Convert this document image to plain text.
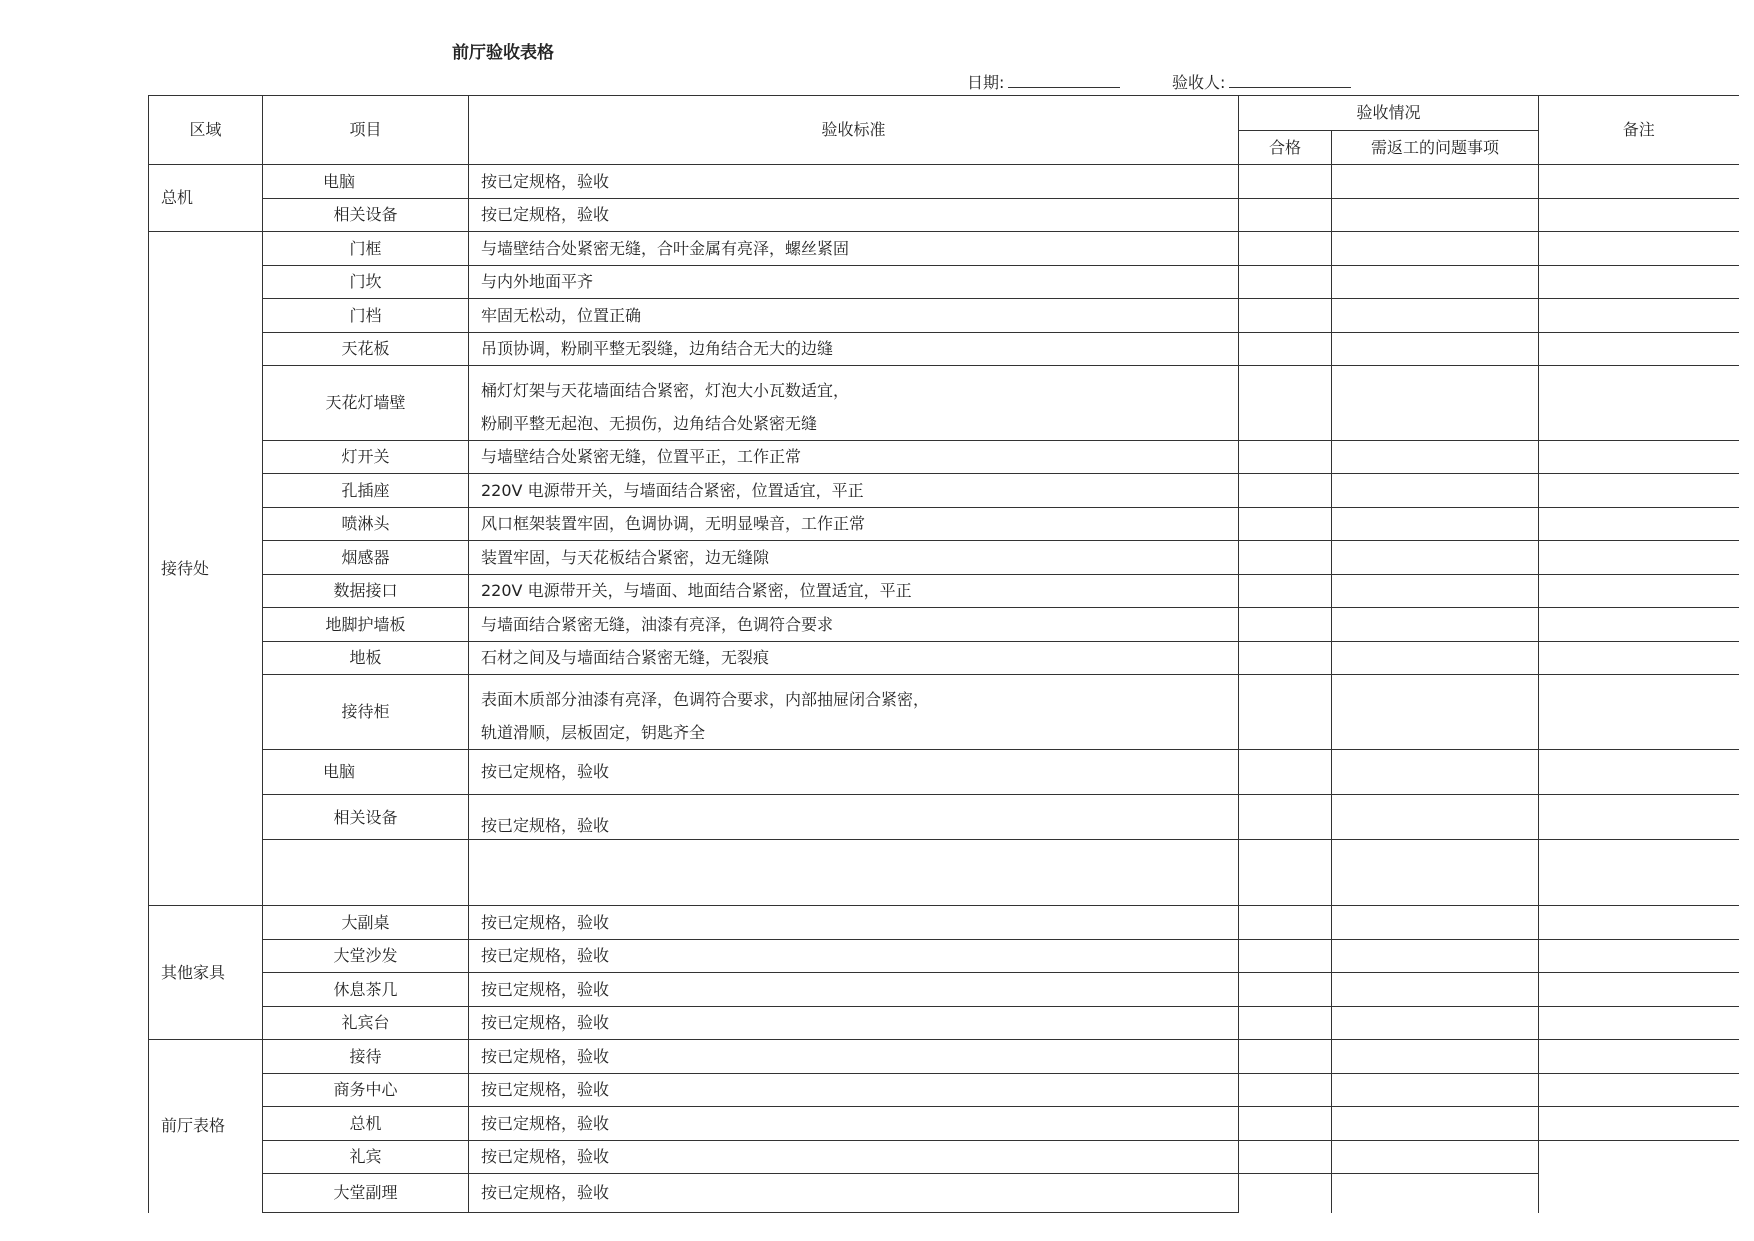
前厅验收表格
日期:	验收人:
区域	项目	验收标准	验收情况		备注
			合格	需返工的问题事项	
总机	电脑	按已定规格，验收			
	相关设备	按已定规格，验收			
接待处	门框	与墙壁结合处紧密无缝，合叶金属有亮泽，螺丝紧固			
	门坎	与内外地面平齐			
	门档	牢固无松动，位置正确			
	天花板	吊顶协调，粉刷平整无裂缝，边角结合无大的边缝			
	天花灯墙壁	桶灯灯架与天花墙面结合紧密，灯泡大小瓦数适宜，
粉刷平整无起泡、无损伤，边角结合处紧密无缝			

	灯开关	与墙壁结合处紧密无缝，位置平正，工作正常			
	孔插座	220V 电源带开关，与墙面结合紧密，位置适宜，平正			
	喷淋头	风口框架装置牢固，色调协调，无明显噪音，工作正常			
	烟感器	装置牢固，与天花板结合紧密，边无缝隙			
	数据接口	220V 电源带开关，与墙面、地面结合紧密，位置适宜，平正			
	地脚护墙板	与墙面结合紧密无缝，油漆有亮泽，色调符合要求			
	地板	石材之间及与墙面结合紧密无缝，无裂痕			
	接待柜	表面木质部分油漆有亮泽，色调符合要求，内部抽屉闭合紧密，
轨道滑顺，层板固定，钥匙齐全			

	电脑	按已定规格，验收			
	相关设备	按已定规格，验收			

其他家具	大副桌	按已定规格，验收			
	大堂沙发	按已定规格，验收			
	休息茶几	按已定规格，验收			
	礼宾台	按已定规格，验收			
前厅表格	接待	按已定规格，验收			
	商务中心	按已定规格，验收			
	总机	按已定规格，验收			
	礼宾	按已定规格，验收			
	大堂副理	按已定规格，验收			
